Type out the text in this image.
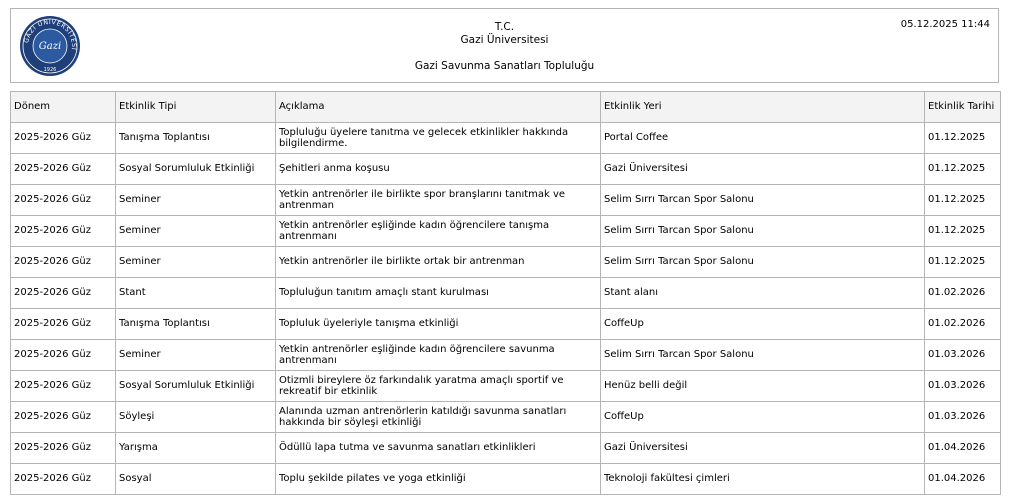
GAZİ ÜNİVERSİTESİ
Gazi
1926
T.C.
Gazi Üniversitesi
Gazi Savunma Sanatları Topluluğu
05.12.2025 11:44
Dönem	Etkinlik Tipi	Açıklama	Etkinlik Yeri	Etkinlik Tarihi
2025-2026 Güz	Tanışma Toplantısı	Topluluğu üyelere tanıtma ve gelecek etkinlikler hakkında bilgilendirme.	Portal Coffee	01.12.2025
2025-2026 Güz	Sosyal Sorumluluk Etkinliği	Şehitleri anma koşusu	Gazi Üniversitesi	01.12.2025
2025-2026 Güz	Seminer	Yetkin antrenörler ile birlikte spor branşlarını tanıtmak ve antrenman	Selim Sırrı Tarcan Spor Salonu	01.12.2025
2025-2026 Güz	Seminer	Yetkin antrenörler eşliğinde kadın öğrencilere tanışma antrenmanı	Selim Sırrı Tarcan Spor Salonu	01.12.2025
2025-2026 Güz	Seminer	Yetkin antrenörler ile birlikte ortak bir antrenman	Selim Sırrı Tarcan Spor Salonu	01.12.2025
2025-2026 Güz	Stant	Topluluğun tanıtım amaçlı stant kurulması	Stant alanı	01.02.2026
2025-2026 Güz	Tanışma Toplantısı	Topluluk üyeleriyle tanışma etkinliği	CoffeUp	01.02.2026
2025-2026 Güz	Seminer	Yetkin antrenörler eşliğinde kadın öğrencilere savunma antrenmanı	Selim Sırrı Tarcan Spor Salonu	01.03.2026
2025-2026 Güz	Sosyal Sorumluluk Etkinliği	Otizmli bireylere öz farkındalık yaratma amaçlı sportif ve rekreatif bir etkinlik	Henüz belli değil	01.03.2026
2025-2026 Güz	Söyleşi	Alanında uzman antrenörlerin katıldığı savunma sanatları hakkında bir söyleşi etkinliği	CoffeUp	01.03.2026
2025-2026 Güz	Yarışma	Ödüllü lapa tutma ve savunma sanatları etkinlikleri	Gazi Üniversitesi	01.04.2026
2025-2026 Güz	Sosyal	Toplu şekilde pilates ve yoga etkinliği	Teknoloji fakültesi çimleri	01.04.2026
